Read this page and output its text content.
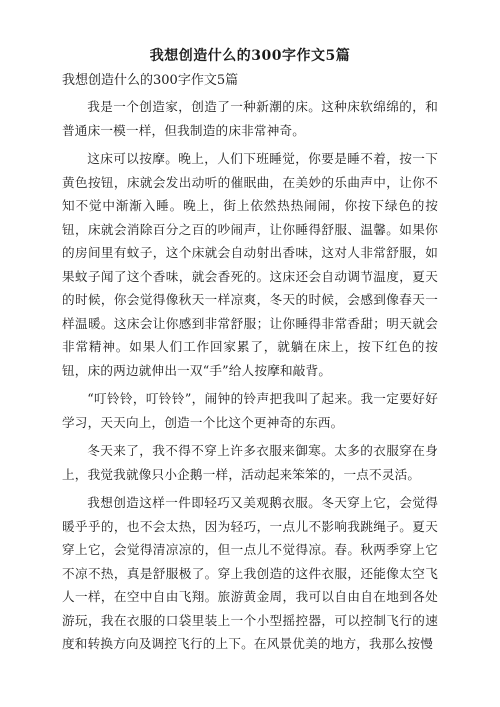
我想创造什么的300字作文5篇

我想创造什么的300字作文5篇

我是一个创造家，创造了一种新潮的床。这种床软绵绵的，和普通床一模一样，但我制造的床非常神奇。

这床可以按摩。晚上，人们下班睡觉，你要是睡不着，按一下黄色按钮，床就会发出动听的催眠曲，在美妙的乐曲声中，让你不知不觉中渐渐入睡。晚上，街上依然热热闹闹，你按下绿色的按钮，床就会消除百分之百的吵闹声，让你睡得舒服、温馨。如果你的房间里有蚊子，这个床就会自动射出香味，这对人非常舒服，如果蚊子闻了这个香味，就会香死的。这床还会自动调节温度，夏天的时候，你会觉得像秋天一样凉爽，冬天的时候，会感到像春天一样温暖。这床会让你感到非常舒服；让你睡得非常香甜；明天就会非常精神。如果人们工作回家累了，就躺在床上，按下红色的按钮，床的两边就伸出一双“手”给人按摩和敲背。

“叮铃铃，叮铃铃”，闹钟的铃声把我叫了起来。我一定要好好学习，天天向上，创造一个比这个更神奇的东西。

冬天来了，我不得不穿上许多衣服来御寒。太多的衣服穿在身上，我觉我就像只小企鹅一样，活动起来笨笨的，一点不灵活。

我想创造这样一件即轻巧又美观鹅衣服。冬天穿上它，会觉得暖乎乎的，也不会太热，因为轻巧，一点儿不影响我跳绳子。夏天穿上它，会觉得清凉凉的，但一点儿不觉得凉。春。秋两季穿上它不凉不热，真是舒服极了。穿上我创造的这件衣服，还能像太空飞人一样，在空中自由飞翔。旅游黄金周，我可以自由自在地到各处游玩，我在衣服的口袋里装上一个小型摇控器，可以控制飞行的速度和转换方向及调控飞行的上下。在风景优美的地方，我那么按慢
